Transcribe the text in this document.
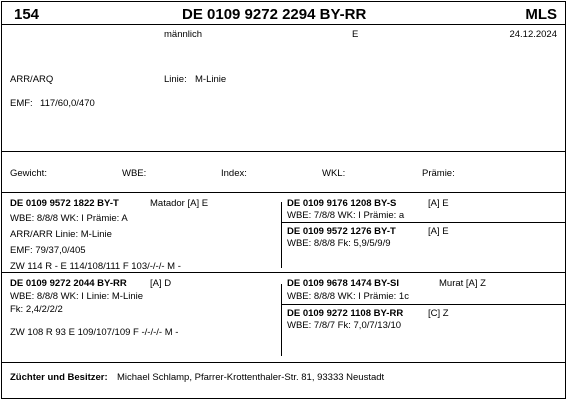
154	DE 0109 9272 2294 BY-RR	MLS
männlich	E	24.12.2024
ARR/ARQ	Linie: M-Linie
EMF: 117/60,0/470
Gewicht:	WBE:	Index:	WKL:	Prämie:
DE 0109 9572 1822 BY-T	Matador [A] E
WBE: 8/8/8 WK: I Prämie: A
ARR/ARR Linie: M-Linie
EMF: 79/37,0/405
ZW 114 R - E 114/108/111 F 103/-/-/- M -
DE 0109 9176 1208 BY-S	[A] E
WBE: 7/8/8 WK: I Prämie: a
DE 0109 9572 1276 BY-T	[A] E
WBE: 8/8/8 Fk: 5,9/5/9/9
DE 0109 9272 2044 BY-RR [A] D
WBE: 8/8/8 WK: I Linie: M-Linie
Fk: 2,4/2/2/2
ZW 108 R 93 E 109/107/109 F -/-/-/- M -
DE 0109 9678 1474 BY-SI	Murat [A] Z
WBE: 8/8/8 WK: I Prämie: 1c
DE 0109 9272 1108 BY-RR	[C] Z
WBE: 7/8/7 Fk: 7,0/7/13/10
Züchter und Besitzer: Michael Schlamp, Pfarrer-Krottenthaler-Str. 81, 93333 Neustadt
